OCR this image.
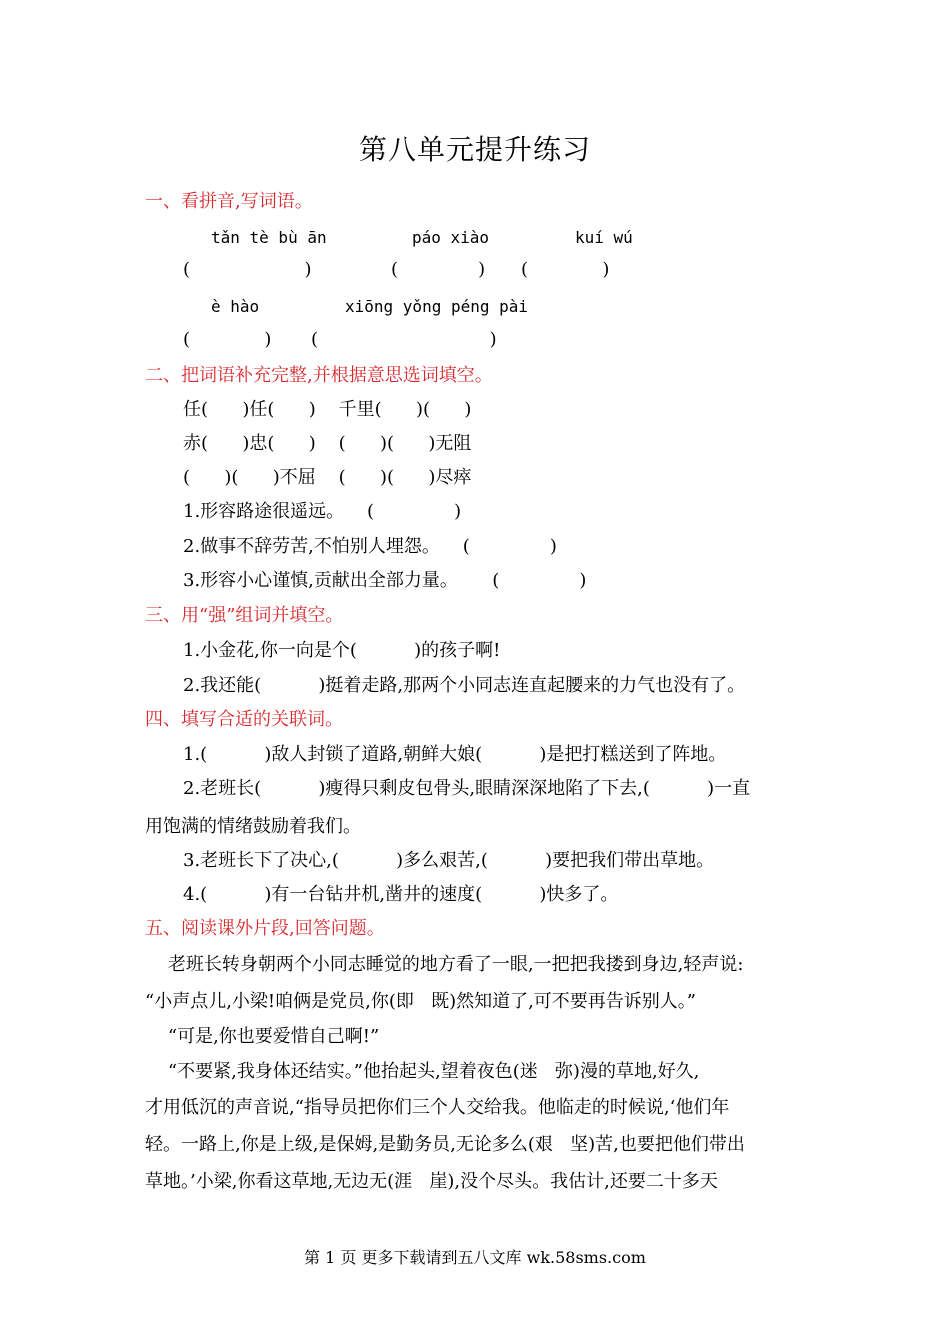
第八单元提升练习
一、看拼音,写词语。
tǎn tè bù ān	páo xiào	kuí wú
(                    )	(              ) (             )
è hào	xiōng yǒng péng pài
(             ) (                              )
二、把词语补充完整,并根据意思选词填空。
任(      )任(      )    千里(      )(      )
赤(      )忠(      )    (      )(      )无阻
(      )(      )不屈    (      )(      )尽瘁
1.形容路途很遥远。    (              )
2.做事不辞劳苦,不怕别人埋怨。    (              )
3.形容小心谨慎,贡献出全部力量。      (              )
三、用“强”组词并填空。
1.小金花,你一向是个(          )的孩子啊!
2.我还能(          )挺着走路,那两个小同志连直起腰来的力气也没有了。
四、填写合适的关联词。
1.(          )敌人封锁了道路,朝鲜大娘(          )是把打糕送到了阵地。
2.老班长(          )瘦得只剩皮包骨头,眼睛深深地陷了下去,(          )一直
用饱满的情绪鼓励着我们。
3.老班长下了决心,(          )多么艰苦,(          )要把我们带出草地。
4.(          )有一台钻井机,凿井的速度(          )快多了。
五、阅读课外片段,回答问题。
老班长转身朝两个小同志睡觉的地方看了一眼,一把把我搂到身边,轻声说:
“小声点儿,小梁!咱俩是党员,你(即   既)然知道了,可不要再告诉别人。”
“可是,你也要爱惜自己啊!”
“不要紧,我身体还结实。”他抬起头,望着夜色(迷   弥)漫的草地,好久,
才用低沉的声音说,“指导员把你们三个人交给我。他临走的时候说,‘他们年
轻。一路上,你是上级,是保姆,是勤务员,无论多么(艰   坚)苦,也要把他们带出
草地。’小梁,你看这草地,无边无(涯   崖),没个尽头。我估计,还要二十多天
第 1 页 更多下载请到五八文库 wk.58sms.com
